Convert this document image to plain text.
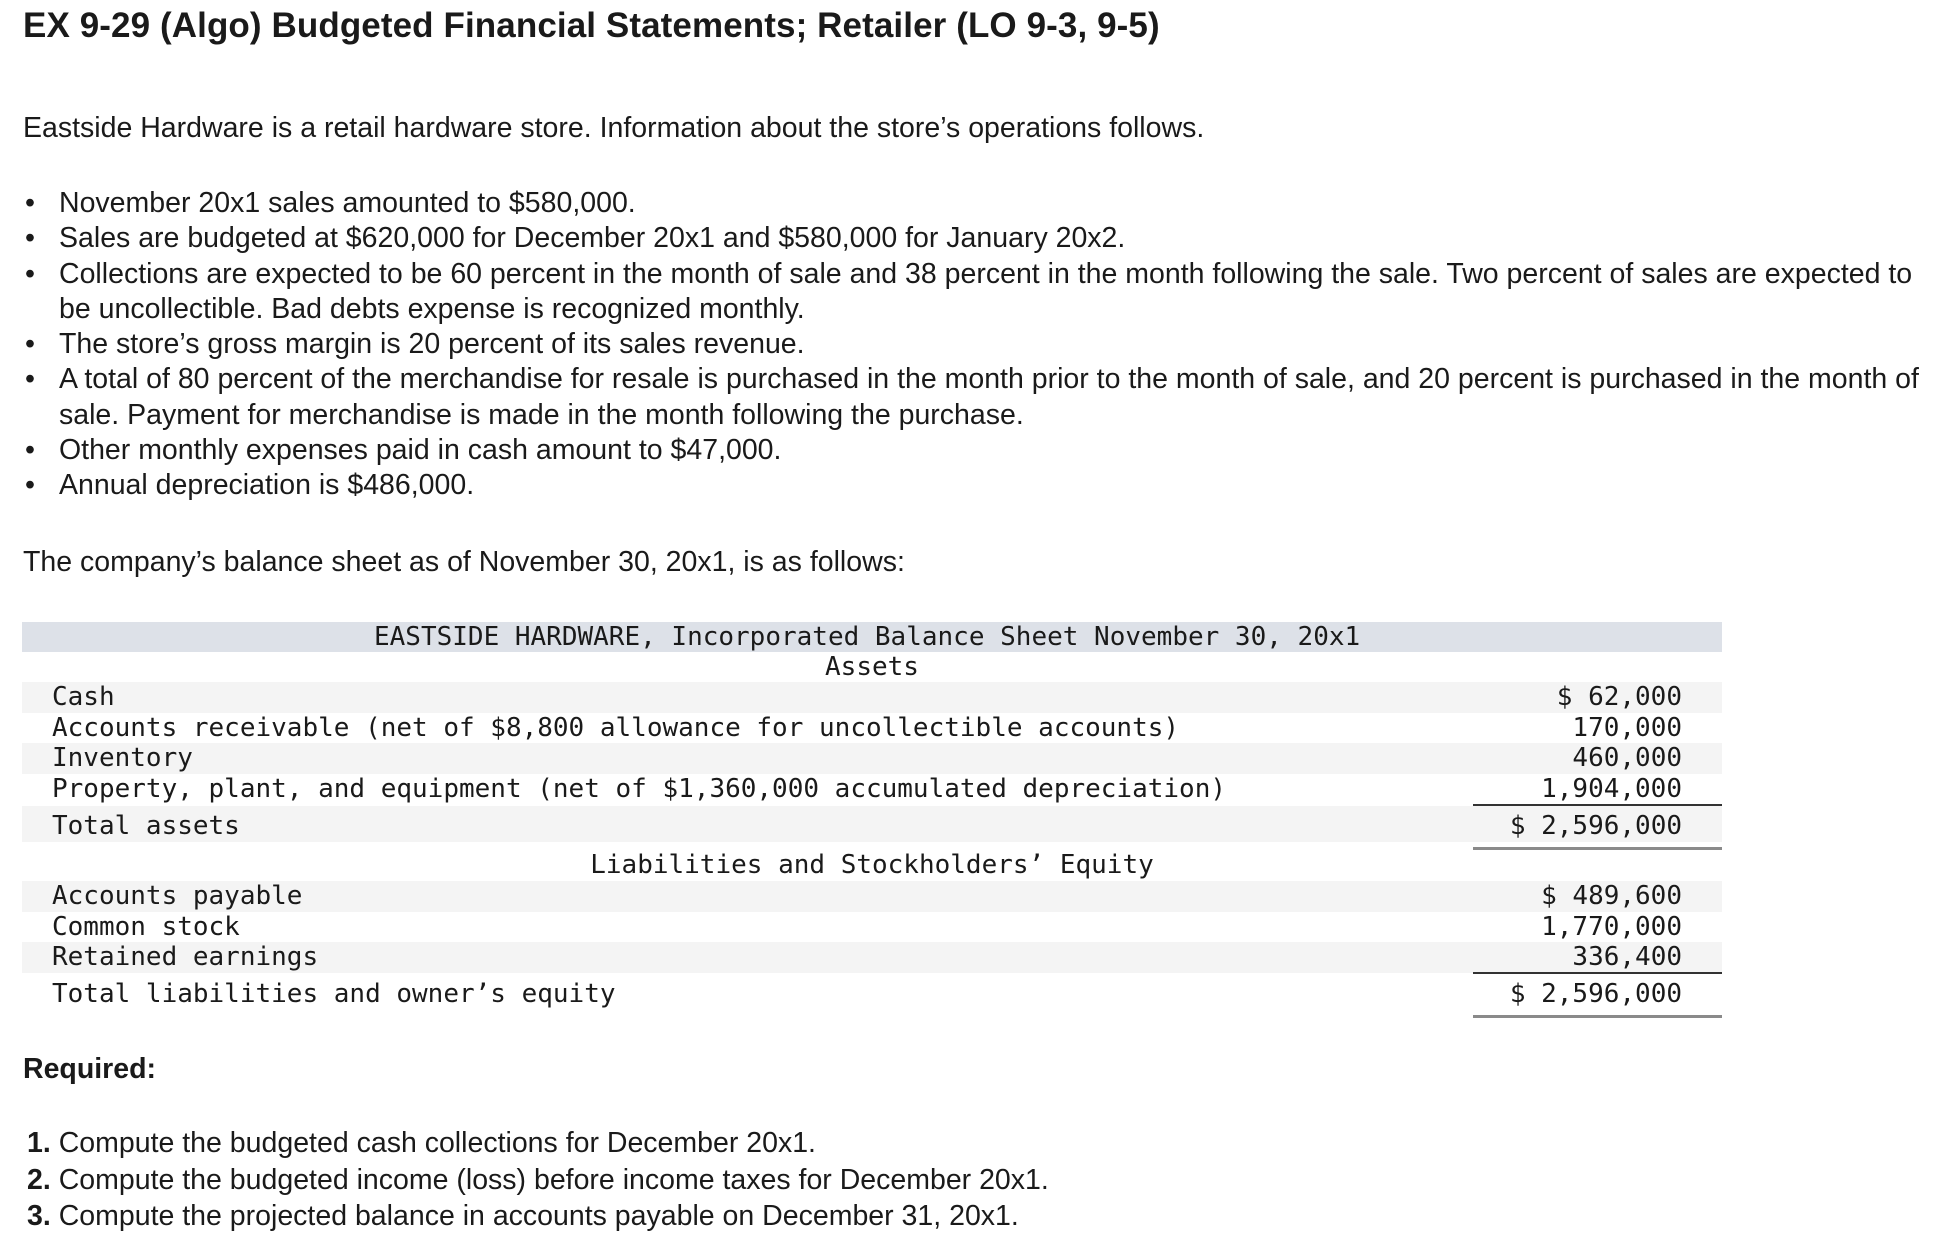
EX 9-29 (Algo) Budgeted Financial Statements; Retailer (LO 9-3, 9-5)

Eastside Hardware is a retail hardware store. Information about the store’s operations follows.

• November 20x1 sales amounted to $580,000.
• Sales are budgeted at $620,000 for December 20x1 and $580,000 for January 20x2.
• Collections are expected to be 60 percent in the month of sale and 38 percent in the month following the sale. Two percent of sales are expected to be uncollectible. Bad debts expense is recognized monthly.
• The store’s gross margin is 20 percent of its sales revenue.
• A total of 80 percent of the merchandise for resale is purchased in the month prior to the month of sale, and 20 percent is purchased in the month of sale. Payment for merchandise is made in the month following the purchase.
• Other monthly expenses paid in cash amount to $47,000.
• Annual depreciation is $486,000.

The company’s balance sheet as of November 30, 20x1, is as follows:

EASTSIDE HARDWARE, Incorporated Balance Sheet November 30, 20x1
Assets
Cash	$ 62,000
Accounts receivable (net of $8,800 allowance for uncollectible accounts)	170,000
Inventory	460,000
Property, plant, and equipment (net of $1,360,000 accumulated depreciation)	1,904,000
Total assets	$ 2,596,000
Liabilities and Stockholders’ Equity
Accounts payable	$ 489,600
Common stock	1,770,000
Retained earnings	336,400
Total liabilities and owner’s equity	$ 2,596,000

Required:

1. Compute the budgeted cash collections for December 20x1.
2. Compute the budgeted income (loss) before income taxes for December 20x1.
3. Compute the projected balance in accounts payable on December 31, 20x1.
